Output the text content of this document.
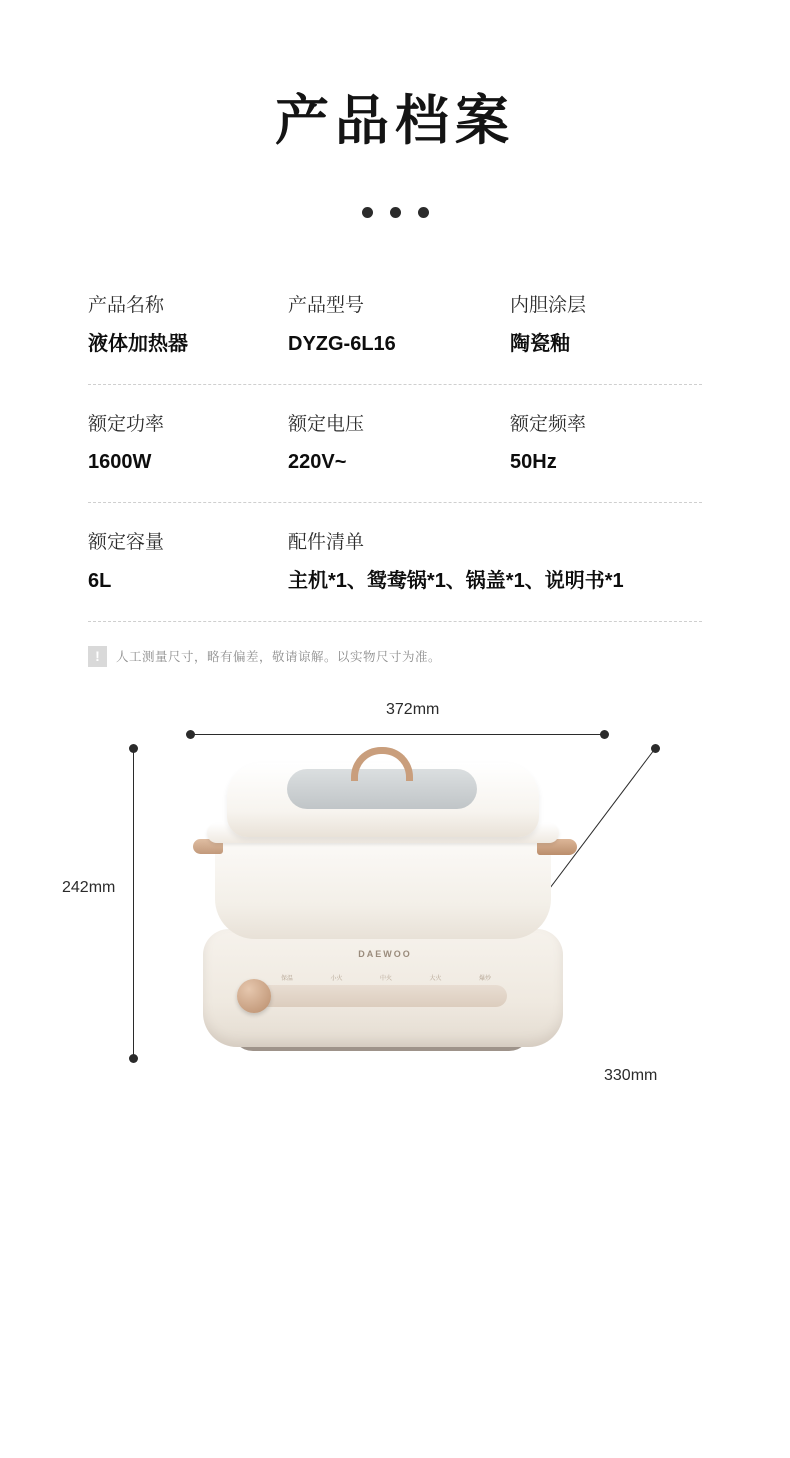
产品档案
产品名称
液体加热器
产品型号
DYZG-6L16
内胆涂层
陶瓷釉
额定功率
1600W
额定电压
220V~
额定频率
50Hz
额定容量
6L
配件清单
主机*1、鸳鸯锅*1、锅盖*1、说明书*1
!	人工测量尺寸，略有偏差，敬请谅解。以实物尺寸为准。
372mm
242mm
330mm
DAEWOO
保温	小火	中火	大火	爆炒
